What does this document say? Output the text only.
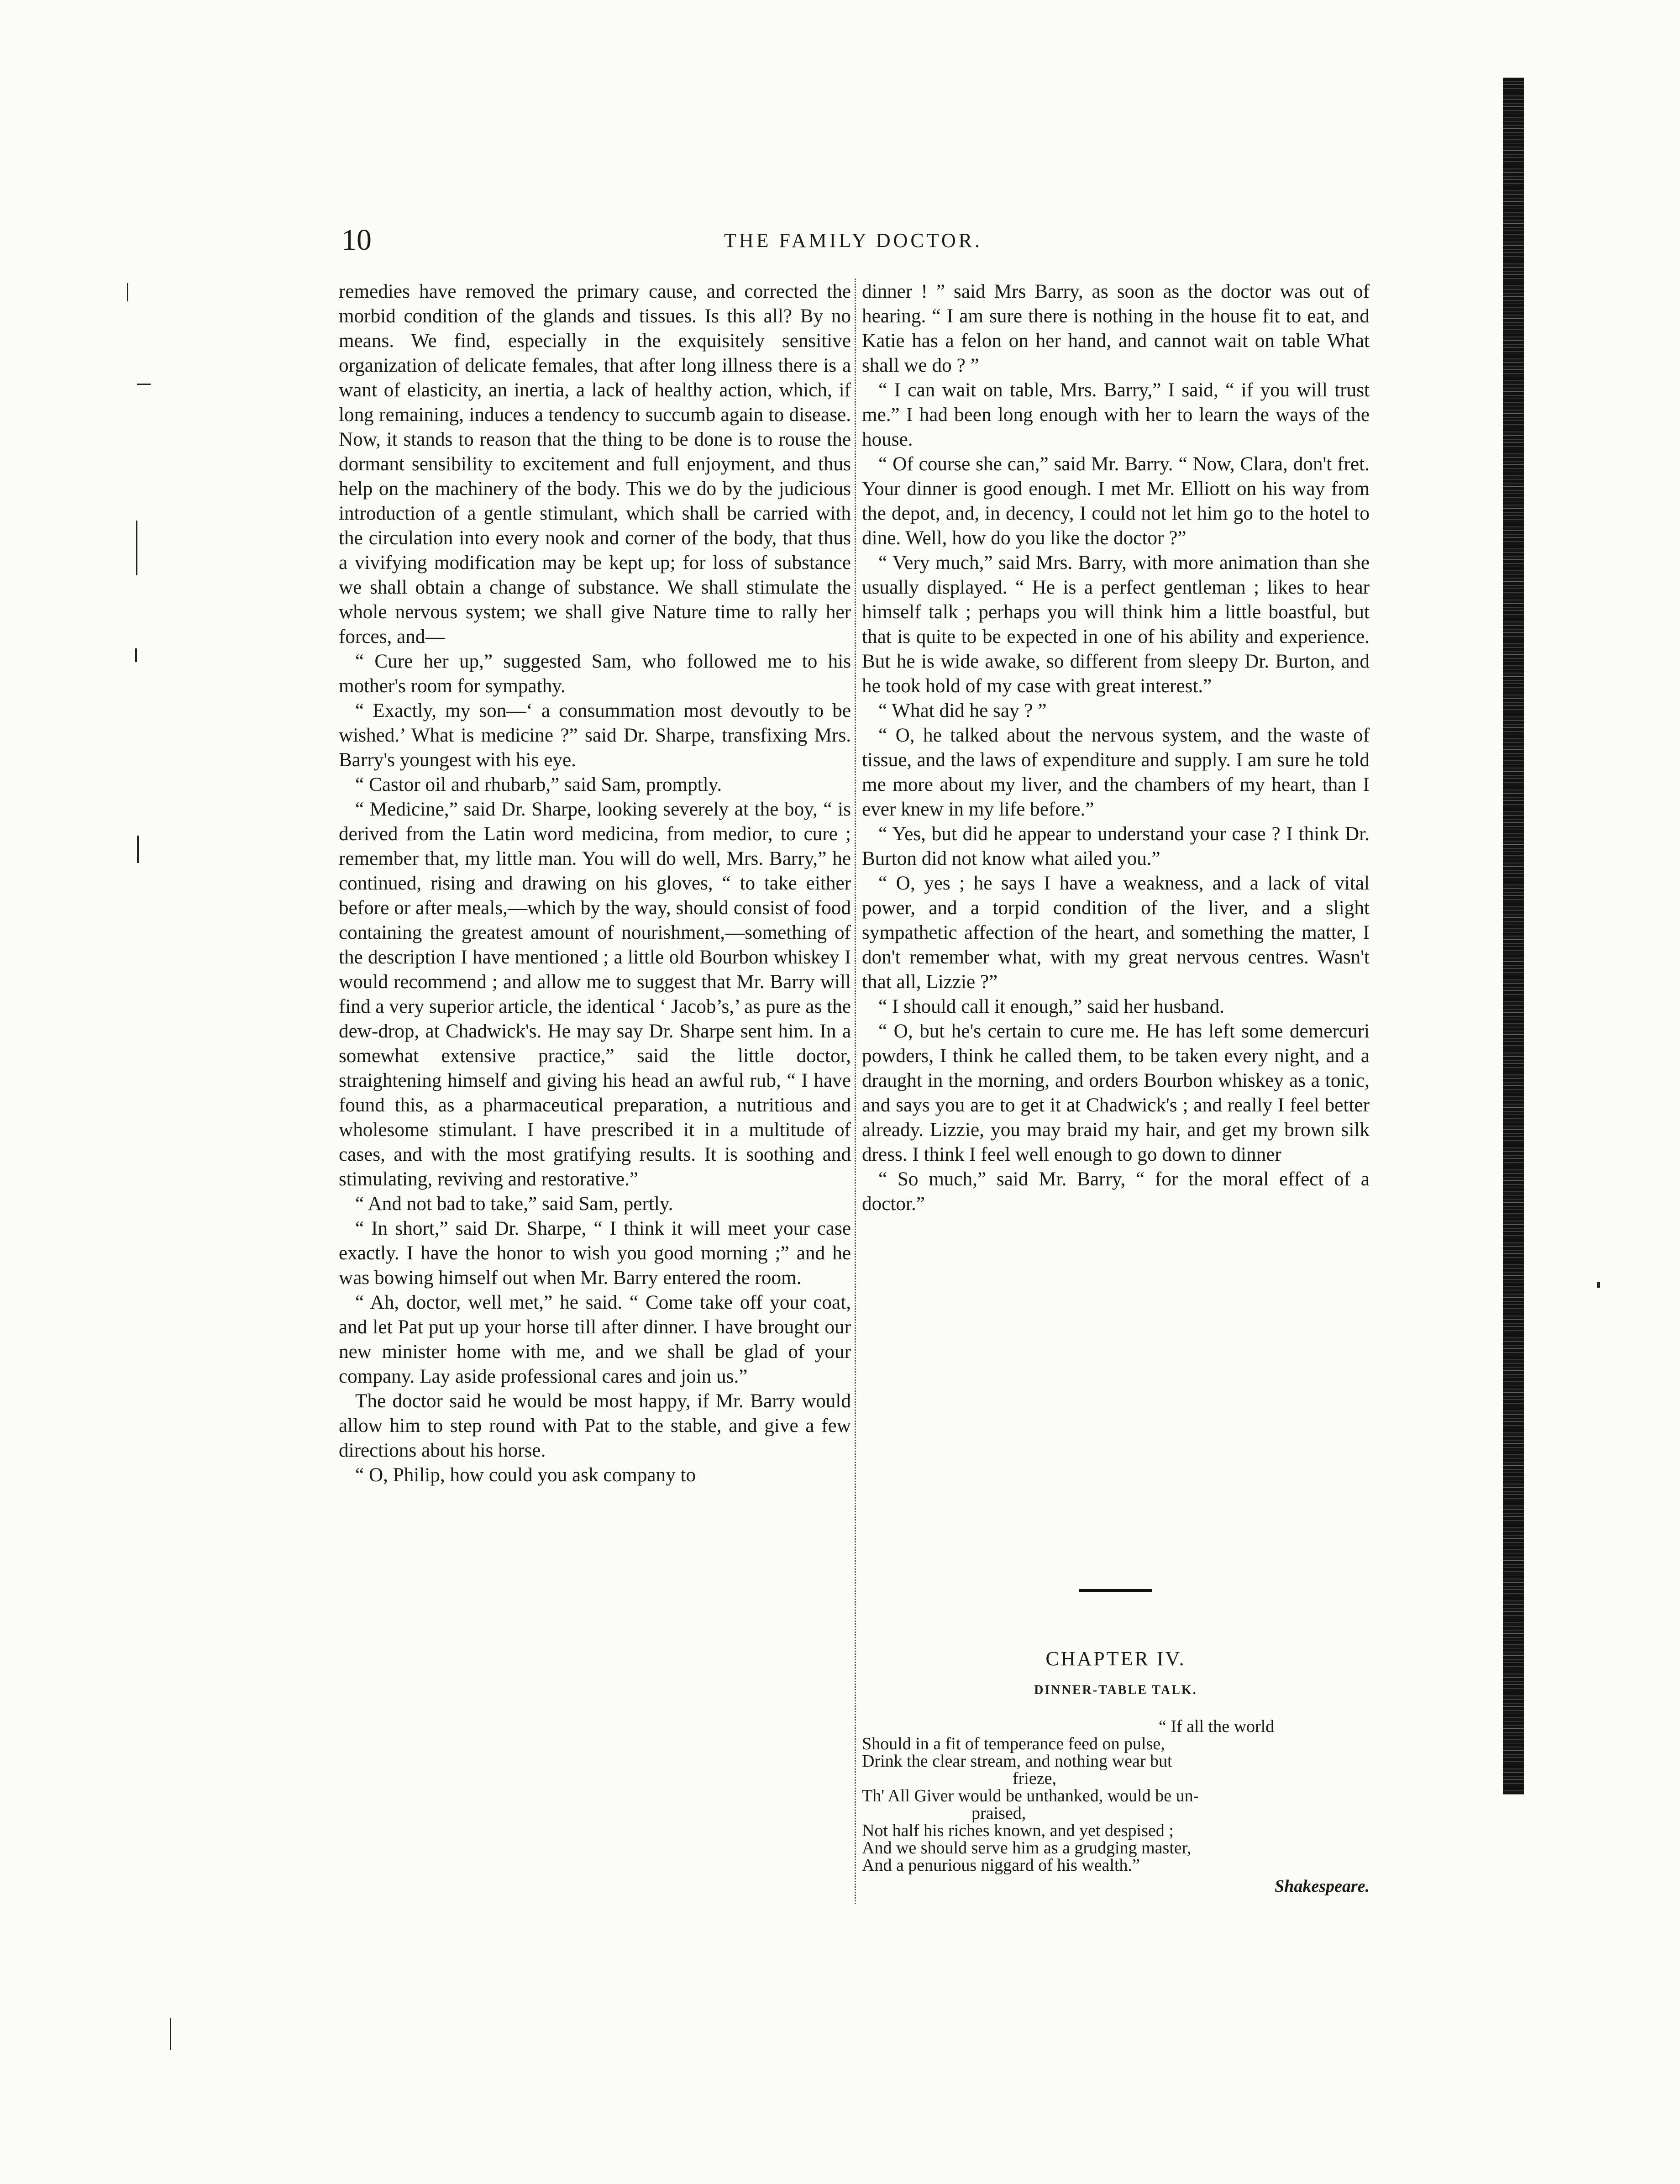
10	THE FAMILY DOCTOR.

remedies have removed the primary cause, and corrected the morbid condition of the glands and tissues. Is this all? By no means. We find, especially in the exquisitely sensitive organization of delicate females, that after long illness there is a want of elasticity, an inertia, a lack of healthy action, which, if long remaining, induces a tendency to succumb again to disease. Now, it stands to reason that the thing to be done is to rouse the dormant sensibility to excitement and full enjoyment, and thus help on the machinery of the body. This we do by the judicious introduction of a gentle stimulant, which shall be carried with the circulation into every nook and corner of the body, that thus a vivifying modification may be kept up; for loss of substance we shall obtain a change of substance. We shall stimulate the whole nervous system; we shall give Nature time to rally her forces, and—

“ Cure her up,” suggested Sam, who followed me to his mother's room for sympathy.

“ Exactly, my son—‘ a consummation most devoutly to be wished.’ What is medicine ?” said Dr. Sharpe, transfixing Mrs. Barry's youngest with his eye.

“ Castor oil and rhubarb,” said Sam, promptly.

“ Medicine,” said Dr. Sharpe, looking severely at the boy, “ is derived from the Latin word medicina, from medior, to cure ; remember that, my little man. You will do well, Mrs. Barry,” he continued, rising and drawing on his gloves, “ to take either before or after meals,—which by the way, should consist of food containing the greatest amount of nourishment,—something of the description I have mentioned ; a little old Bourbon whiskey I would recommend ; and allow me to suggest that Mr. Barry will find a very superior article, the identical ‘ Jacob’s,’ as pure as the dew-drop, at Chadwick's. He may say Dr. Sharpe sent him. In a somewhat extensive practice,” said the little doctor, straightening himself and giving his head an awful rub, “ I have found this, as a pharmaceutical preparation, a nutritious and wholesome stimulant. I have prescribed it in a multitude of cases, and with the most gratifying results. It is soothing and stimulating, reviving and restorative.”

“ And not bad to take,” said Sam, pertly.

“ In short,” said Dr. Sharpe, “ I think it will meet your case exactly. I have the honor to wish you good morning ;” and he was bowing himself out when Mr. Barry entered the room.

“ Ah, doctor, well met,” he said. “ Come take off your coat, and let Pat put up your horse till after dinner. I have brought our new minister home with me, and we shall be glad of your company. Lay aside professional cares and join us.”

The doctor said he would be most happy, if Mr. Barry would allow him to step round with Pat to the stable, and give a few directions about his horse.

“ O, Philip, how could you ask company to

dinner ! ” said Mrs Barry, as soon as the doctor was out of hearing. “ I am sure there is nothing in the house fit to eat, and Katie has a felon on her hand, and cannot wait on table What shall we do ? ”

“ I can wait on table, Mrs. Barry,” I said, “ if you will trust me.” I had been long enough with her to learn the ways of the house.

“ Of course she can,” said Mr. Barry. “ Now, Clara, don't fret. Your dinner is good enough. I met Mr. Elliott on his way from the depot, and, in decency, I could not let him go to the hotel to dine. Well, how do you like the doctor ?”

“ Very much,” said Mrs. Barry, with more animation than she usually displayed. “ He is a perfect gentleman ; likes to hear himself talk ; perhaps you will think him a little boastful, but that is quite to be expected in one of his ability and experience. But he is wide awake, so different from sleepy Dr. Burton, and he took hold of my case with great interest.”

“ What did he say ? ”

“ O, he talked about the nervous system, and the waste of tissue, and the laws of expenditure and supply. I am sure he told me more about my liver, and the chambers of my heart, than I ever knew in my life before.”

“ Yes, but did he appear to understand your case ? I think Dr. Burton did not know what ailed you.”

“ O, yes ; he says I have a weakness, and a lack of vital power, and a torpid condition of the liver, and a slight sympathetic affection of the heart, and something the matter, I don't remember what, with my great nervous centres. Wasn't that all, Lizzie ?”

“ I should call it enough,” said her husband.

“ O, but he's certain to cure me. He has left some demercuri powders, I think he called them, to be taken every night, and a draught in the morning, and orders Bourbon whiskey as a tonic, and says you are to get it at Chadwick's ; and really I feel better already. Lizzie, you may braid my hair, and get my brown silk dress. I think I feel well enough to go down to dinner

“ So much,” said Mr. Barry, “ for the moral effect of a doctor.”

CHAPTER IV.
DINNER-TABLE TALK.
“ If all the world
Should in a fit of temperance feed on pulse,
Drink the clear stream, and nothing wear but
frieze,
Th' All Giver would be unthanked, would be un-
praised,
Not half his riches known, and yet despised ;
And we should serve him as a grudging master,
And a penurious niggard of his wealth.”
Shakespeare.
